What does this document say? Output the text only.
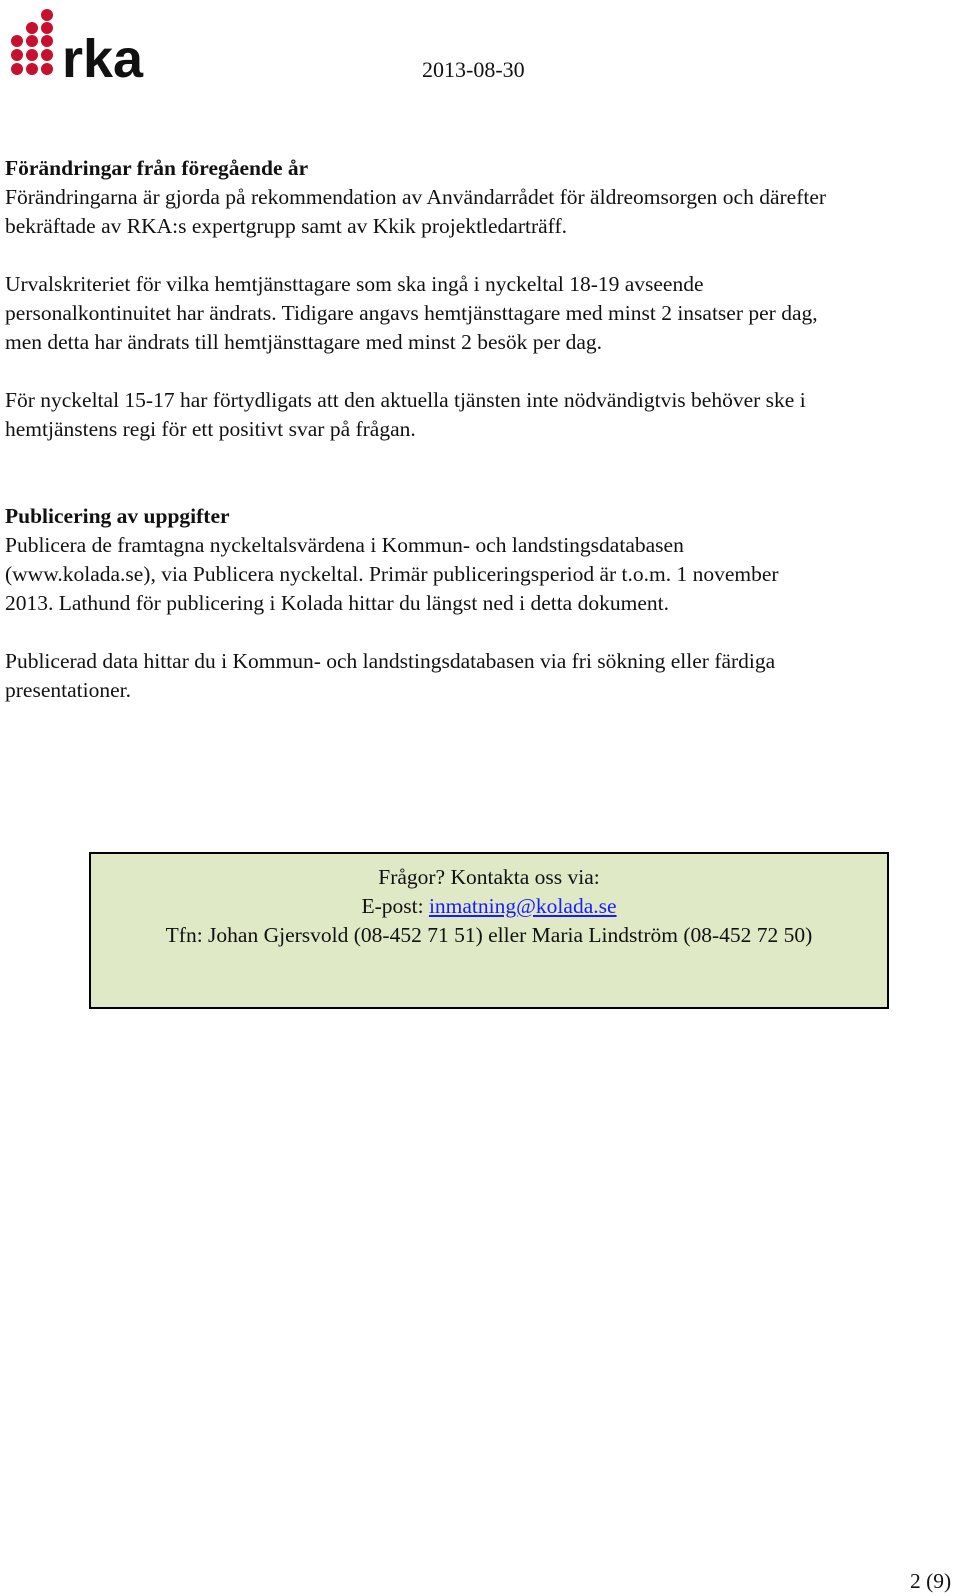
rka	2013-08-30
Förändringar från föregående år

Förändringarna är gjorda på rekommendation av Användarrådet för äldreomsorgen och därefter

bekräftade av RKA:s expertgrupp samt av Kkik projektledarträff.

Urvalskriteriet för vilka hemtjänsttagare som ska ingå i nyckeltal 18-19 avseende

personalkontinuitet har ändrats. Tidigare angavs hemtjänsttagare med minst 2 insatser per dag,

men detta har ändrats till hemtjänsttagare med minst 2 besök per dag.

För nyckeltal 15-17 har förtydligats att den aktuella tjänsten inte nödvändigtvis behöver ske i

hemtjänstens regi för ett positivt svar på frågan.

Publicering av uppgifter

Publicera de framtagna nyckeltalsvärdena i Kommun- och landstingsdatabasen

(www.kolada.se), via Publicera nyckeltal. Primär publiceringsperiod är t.o.m. 1 november

2013. Lathund för publicering i Kolada hittar du längst ned i detta dokument.

Publicerad data hittar du i Kommun- och landstingsdatabasen via fri sökning eller färdiga

presentationer.

Frågor? Kontakta oss via:
E-post: inmatning@kolada.se
Tfn: Johan Gjersvold (08-452 71 51) eller Maria Lindström (08-452 72 50)
2 (9)
